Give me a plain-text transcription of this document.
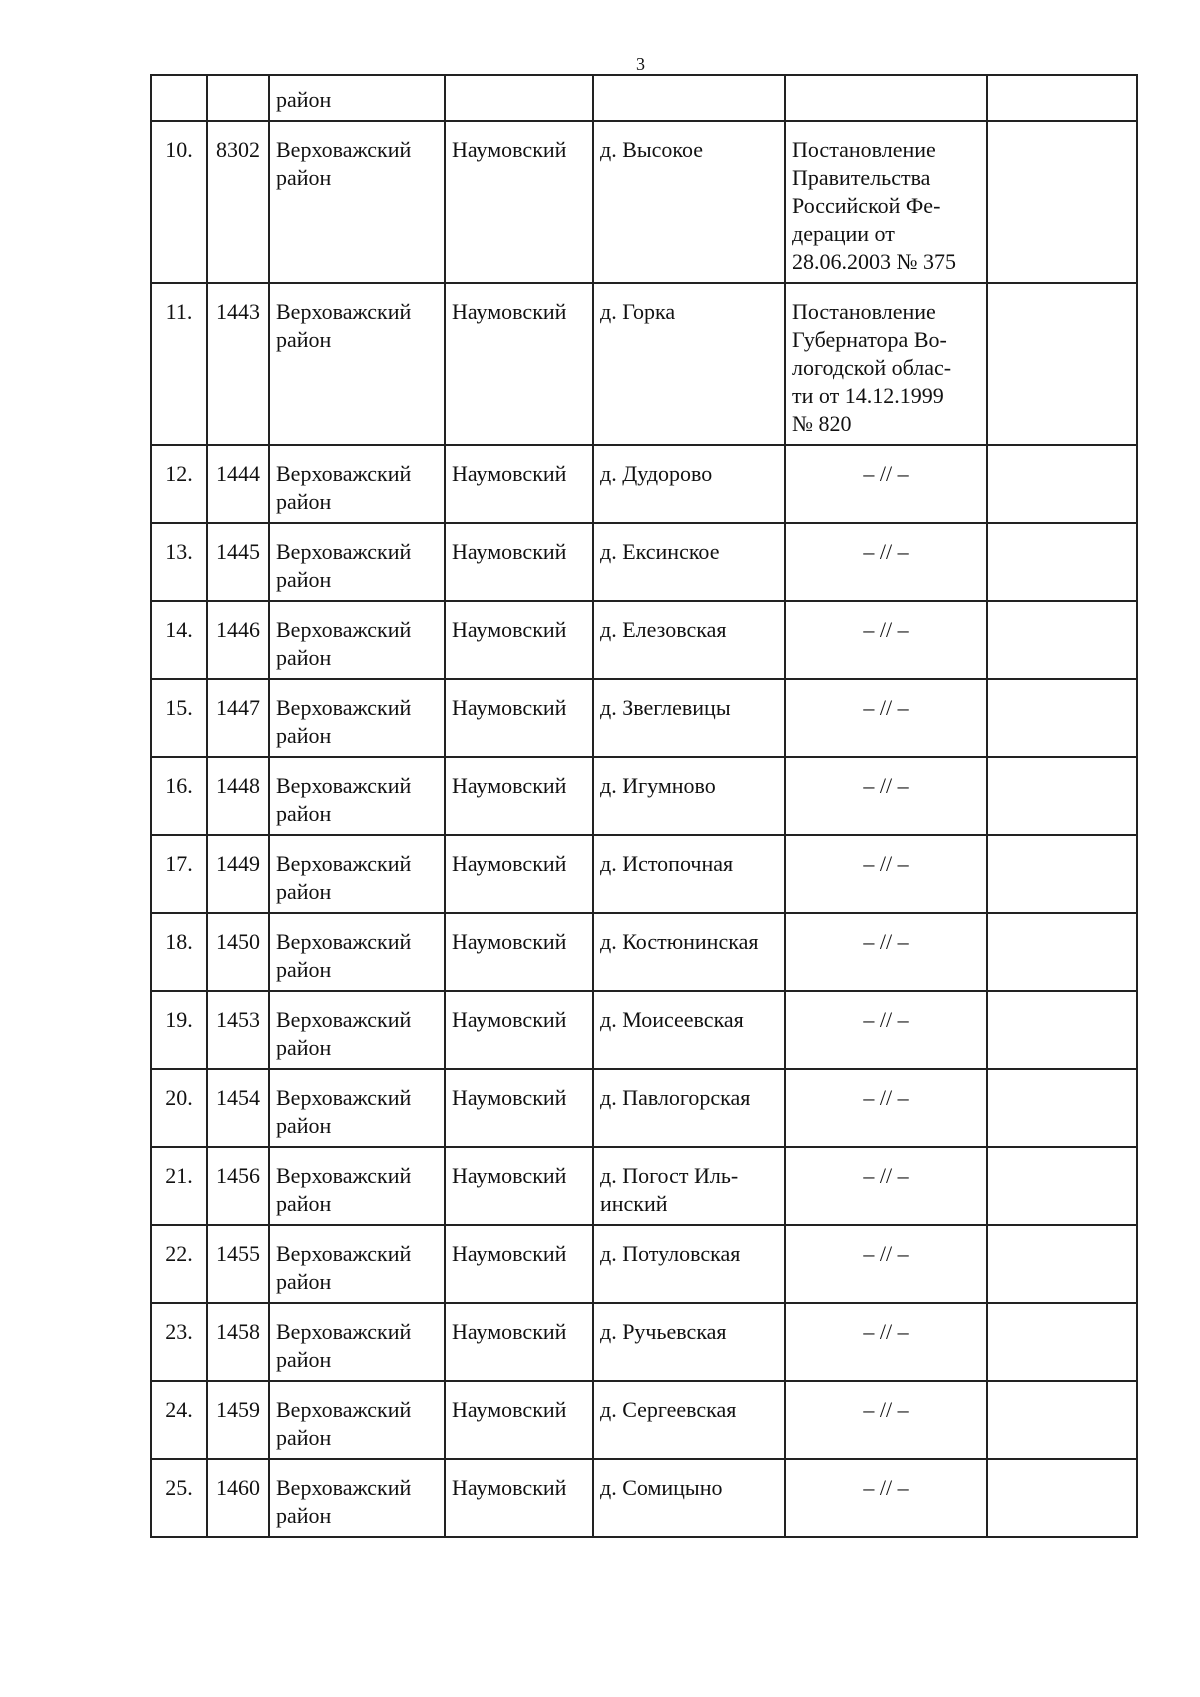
3
		район				
10.	8302	Верховажский район	Наумовский	д. Высокое	Постановление
Правительства
Российской Фе-
дерации от
28.06.2003 № 375	

11.	1443	Верховажский район	Наумовский	д. Горка	Постановление
Губернатора Во-
логодской облас-
ти от 14.12.1999
№ 820	

12.	1444	Верховажский район	Наумовский	д. Дудорово	– // –	

13.	1445	Верховажский район	Наумовский	д. Ексинское	– // –	

14.	1446	Верховажский район	Наумовский	д. Елезовская	– // –	

15.	1447	Верховажский район	Наумовский	д. Звеглевицы	– // –	

16.	1448	Верховажский район	Наумовский	д. Игумново	– // –	

17.	1449	Верховажский район	Наумовский	д. Истопочная	– // –	

18.	1450	Верховажский район	Наумовский	д. Костюнинская	– // –	

19.	1453	Верховажский район	Наумовский	д. Моисеевская	– // –	

20.	1454	Верховажский район	Наумовский	д. Павлогорская	– // –	

21.	1456	Верховажский район	Наумовский	д. Погост Иль-инский	– // –	

22.	1455	Верховажский район	Наумовский	д. Потуловская	– // –	

23.	1458	Верховажский район	Наумовский	д. Ручьевская	– // –	

24.	1459	Верховажский район	Наумовский	д. Сергеевская	– // –	

25.	1460	Верховажский район	Наумовский	д. Сомицыно	– // –	
